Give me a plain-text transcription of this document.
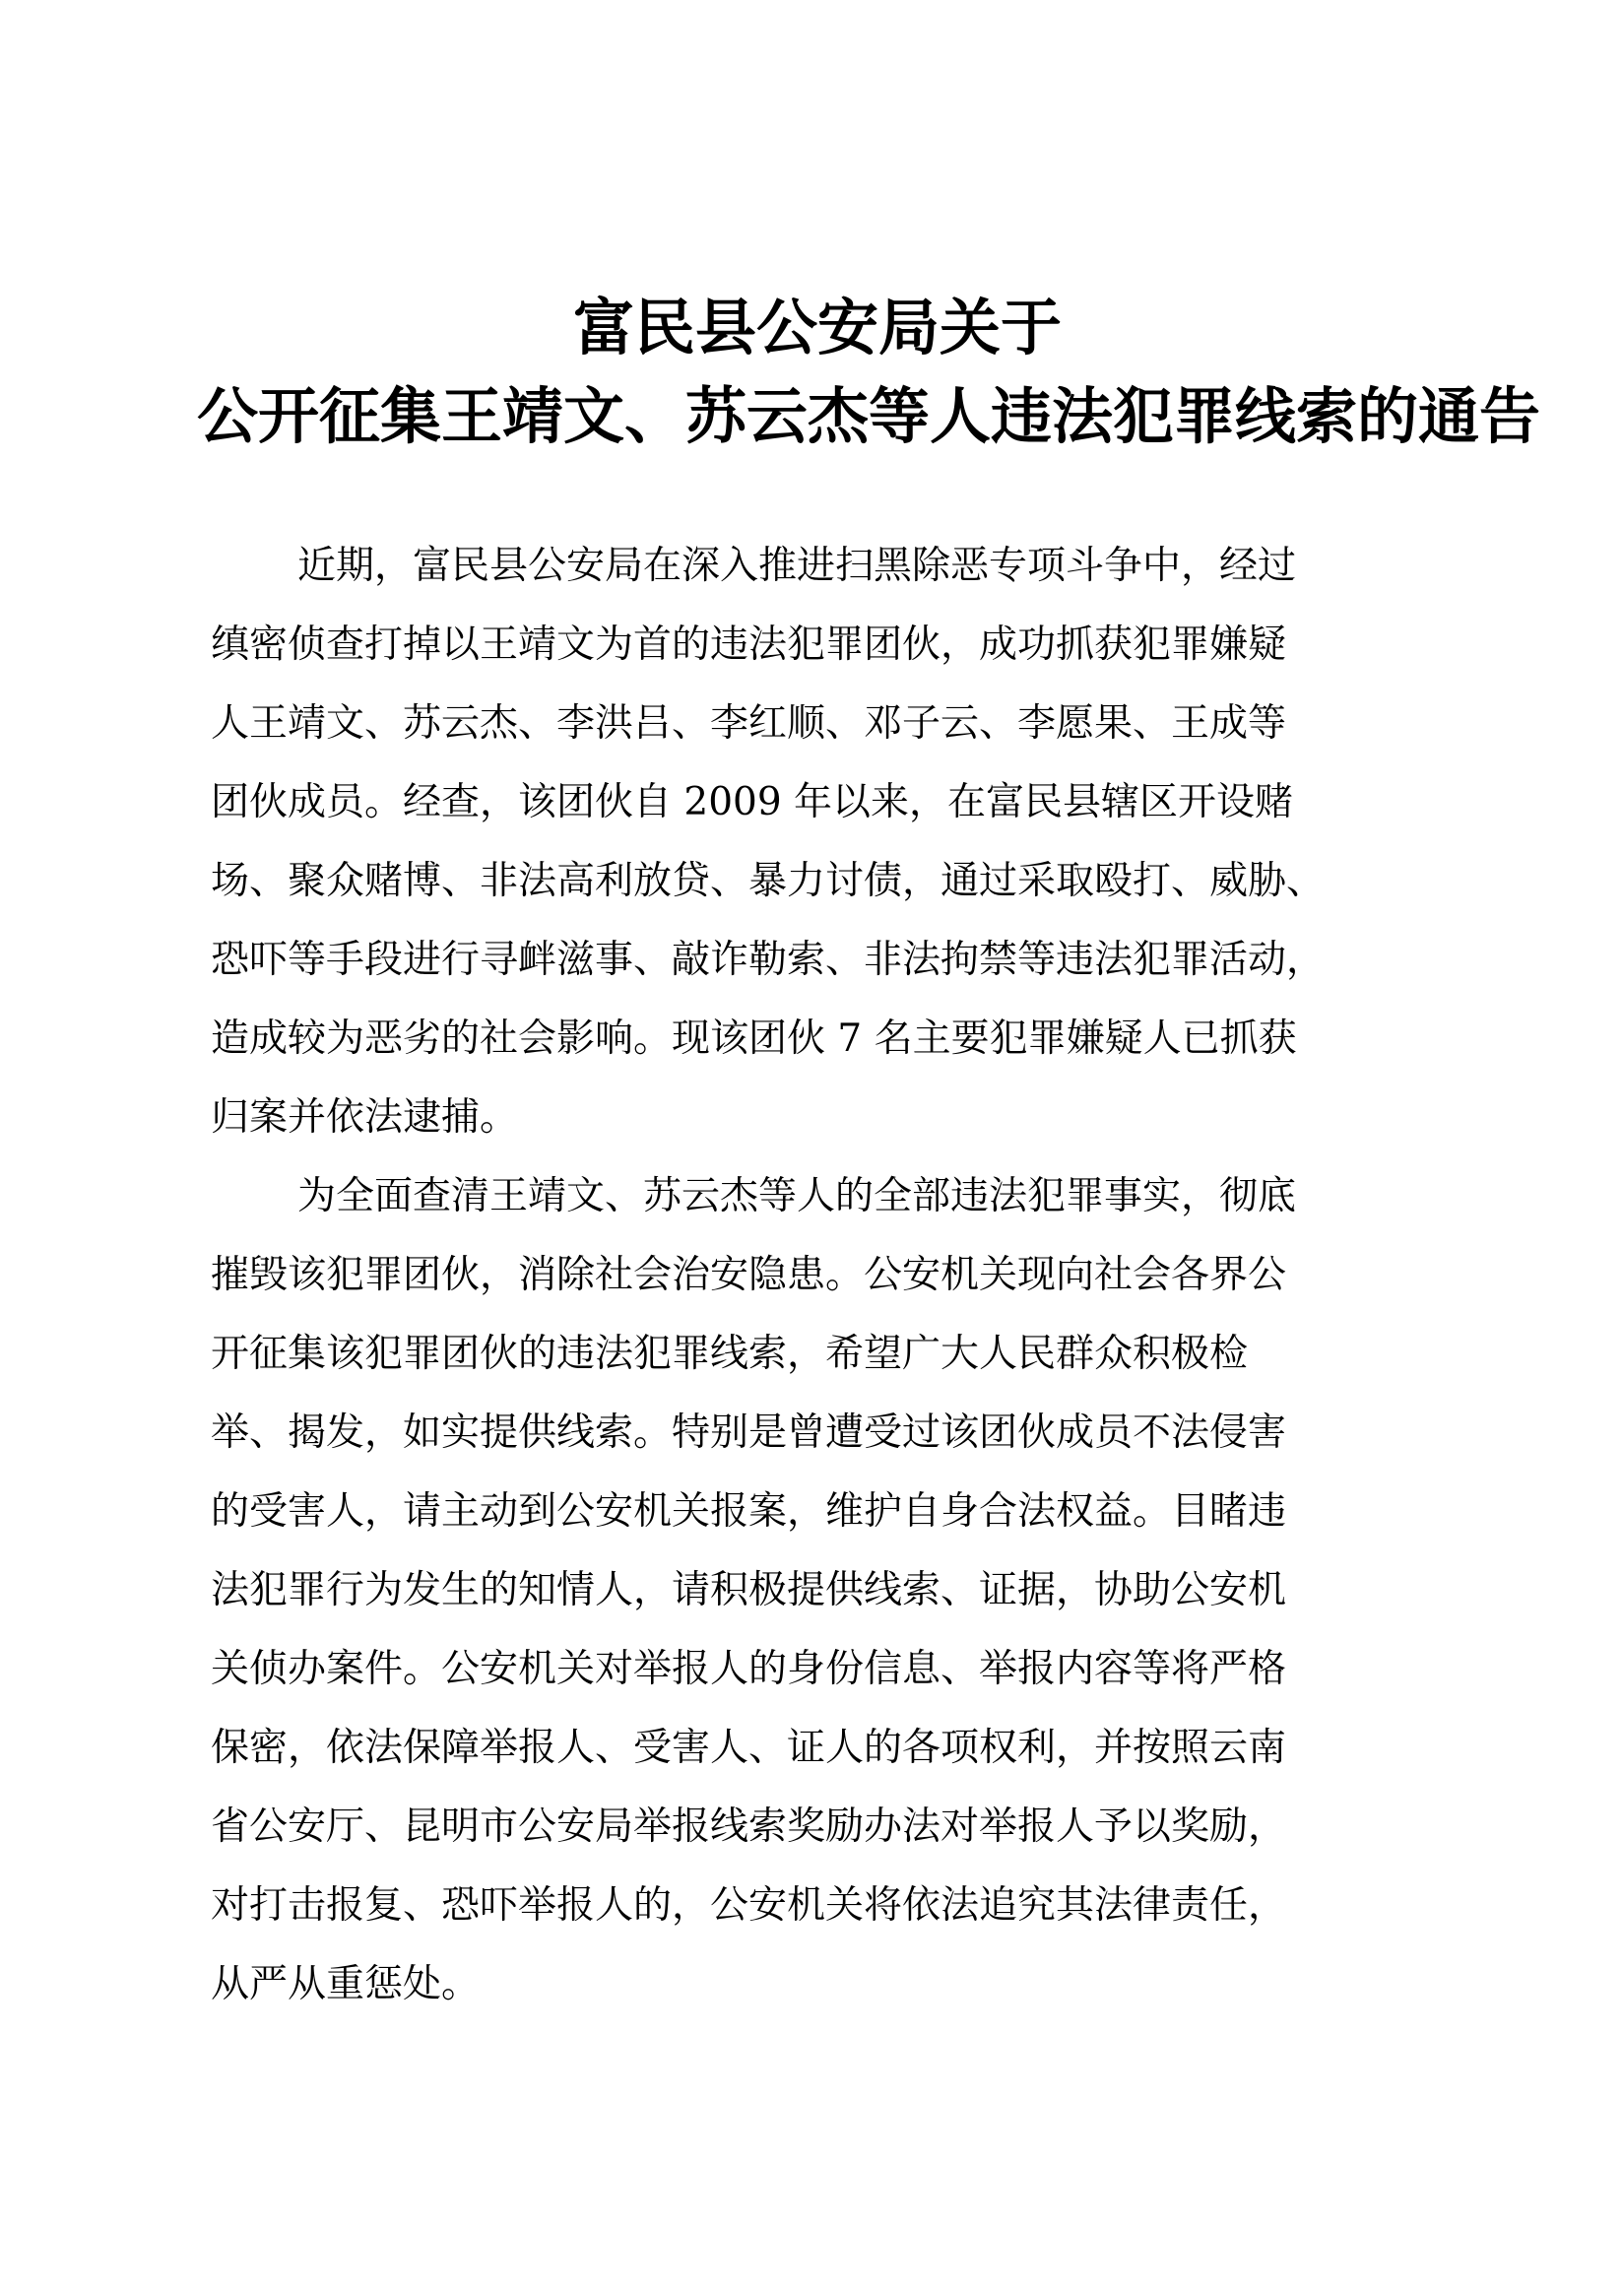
富民县公安局关于
公开征集王靖文、苏云杰等人违法犯罪线索的通告
近期，富民县公安局在深入推进扫黑除恶专项斗争中，经过
缜密侦查打掉以王靖文为首的违法犯罪团伙，成功抓获犯罪嫌疑
人王靖文、苏云杰、李洪吕、李红顺、邓子云、李愿果、王成等
团伙成员。经查，该团伙自 2009 年以来，在富民县辖区开设赌
场、聚众赌博、非法高利放贷、暴力讨债，通过采取殴打、威胁、
恐吓等手段进行寻衅滋事、敲诈勒索、非法拘禁等违法犯罪活动，
造成较为恶劣的社会影响。现该团伙 7 名主要犯罪嫌疑人已抓获
归案并依法逮捕。
为全面查清王靖文、苏云杰等人的全部违法犯罪事实，彻底
摧毁该犯罪团伙，消除社会治安隐患。公安机关现向社会各界公
开征集该犯罪团伙的违法犯罪线索，希望广大人民群众积极检
举、揭发，如实提供线索。特别是曾遭受过该团伙成员不法侵害
的受害人，请主动到公安机关报案，维护自身合法权益。目睹违
法犯罪行为发生的知情人，请积极提供线索、证据，协助公安机
关侦办案件。公安机关对举报人的身份信息、举报内容等将严格
保密，依法保障举报人、受害人、证人的各项权利，并按照云南
省公安厅、昆明市公安局举报线索奖励办法对举报人予以奖励，
对打击报复、恐吓举报人的，公安机关将依法追究其法律责任，
从严从重惩处。
